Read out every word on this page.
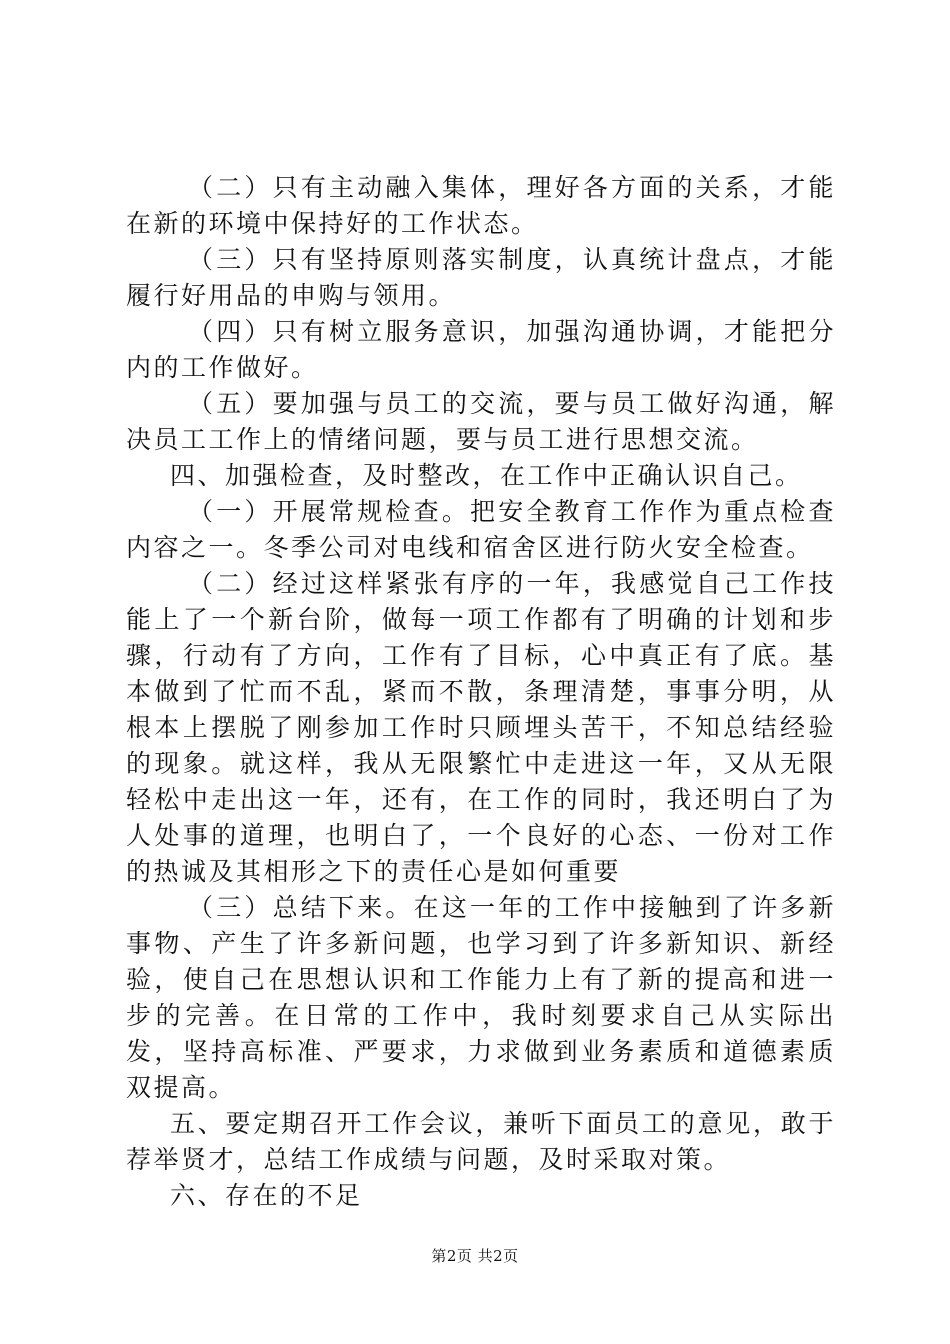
（二）只有主动融入集体，理好各方面的关系，才能在新的环境中保持好的工作状态。

（三）只有坚持原则落实制度，认真统计盘点，才能履行好用品的申购与领用。

（四）只有树立服务意识，加强沟通协调，才能把分内的工作做好。

（五）要加强与员工的交流，要与员工做好沟通，解决员工工作上的情绪问题，要与员工进行思想交流。

四、加强检查，及时整改，在工作中正确认识自己。

（一）开展常规检查。把安全教育工作作为重点检查内容之一。冬季公司对电线和宿舍区进行防火安全检查。

（二）经过这样紧张有序的一年，我感觉自己工作技能上了一个新台阶，做每一项工作都有了明确的计划和步骤，行动有了方向，工作有了目标，心中真正有了底。基本做到了忙而不乱，紧而不散，条理清楚，事事分明，从根本上摆脱了刚参加工作时只顾埋头苦干，不知总结经验的现象。就这样，我从无限繁忙中走进这一年，又从无限轻松中走出这一年，还有，在工作的同时，我还明白了为人处事的道理，也明白了，一个良好的心态、一份对工作的热诚及其相形之下的责任心是如何重要

（三）总结下来。在这一年的工作中接触到了许多新事物、产生了许多新问题，也学习到了许多新知识、新经验，使自己在思想认识和工作能力上有了新的提高和进一步的完善。在日常的工作中，我时刻要求自己从实际出发，坚持高标准、严要求，力求做到业务素质和道德素质双提高。

五、要定期召开工作会议，兼听下面员工的意见，敢于荐举贤才，总结工作成绩与问题，及时采取对策。

六、存在的不足

第2页 共2页
